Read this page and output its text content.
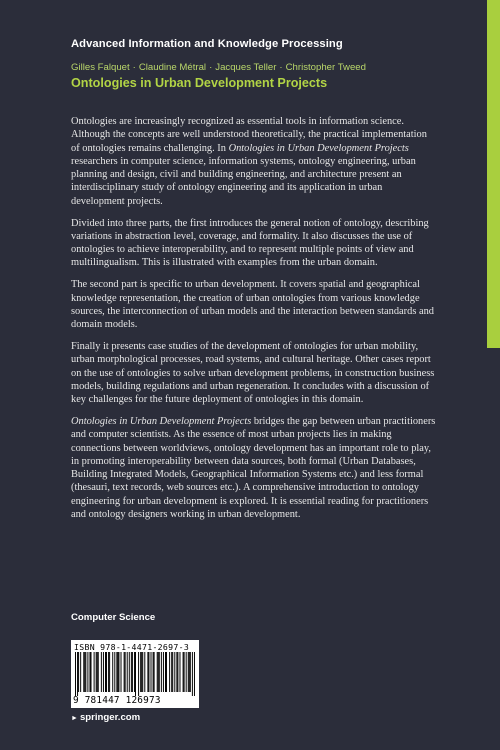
Advanced Information and Knowledge Processing
Gilles Falquet · Claudine Métral · Jacques Teller · Christopher Tweed
Ontologies in Urban Development Projects

Ontologies are increasingly recognized as essential tools in information science. Although the concepts are well understood theoretically, the practical implementation of ontologies remains challenging. In Ontologies in Urban Development Projects researchers in computer science, information systems, ontology engineering, urban planning and design, civil and building engineering, and architecture present an interdisciplinary study of ontology engineering and its application in urban development projects.

Divided into three parts, the first introduces the general notion of ontology, describing variations in abstraction level, coverage, and formality. It also discusses the use of ontologies to achieve interoperability, and to represent multiple points of view and multilingualism. This is illustrated with examples from the urban domain.

The second part is specific to urban development. It covers spatial and geographical knowledge representation, the creation of urban ontologies from various knowledge sources, the interconnection of urban models and the interaction between standards and domain models.

Finally it presents case studies of the development of ontologies for urban mobility, urban morphological processes, road systems, and cultural heritage. Other cases report on the use of ontologies to solve urban development problems, in construction business models, building regulations and urban regeneration. It concludes with a discussion of key challenges for the future deployment of ontologies in this domain.

Ontologies in Urban Development Projects bridges the gap between urban practitioners and computer scientists. As the essence of most urban projects lies in making connections between worldviews, ontology development has an important role to play, in promoting interoperability between data sources, both formal (Urban Databases, Building Integrated Models, Geographical Information Systems etc.) and less formal (thesauri, text records, web sources etc.). A comprehensive introduction to ontology engineering for urban development is explored. It is essential reading for practitioners and ontology designers working in urban development.

Computer Science
ISBN 978-1-4471-2697-3
9 781447 126973
► springer.com
